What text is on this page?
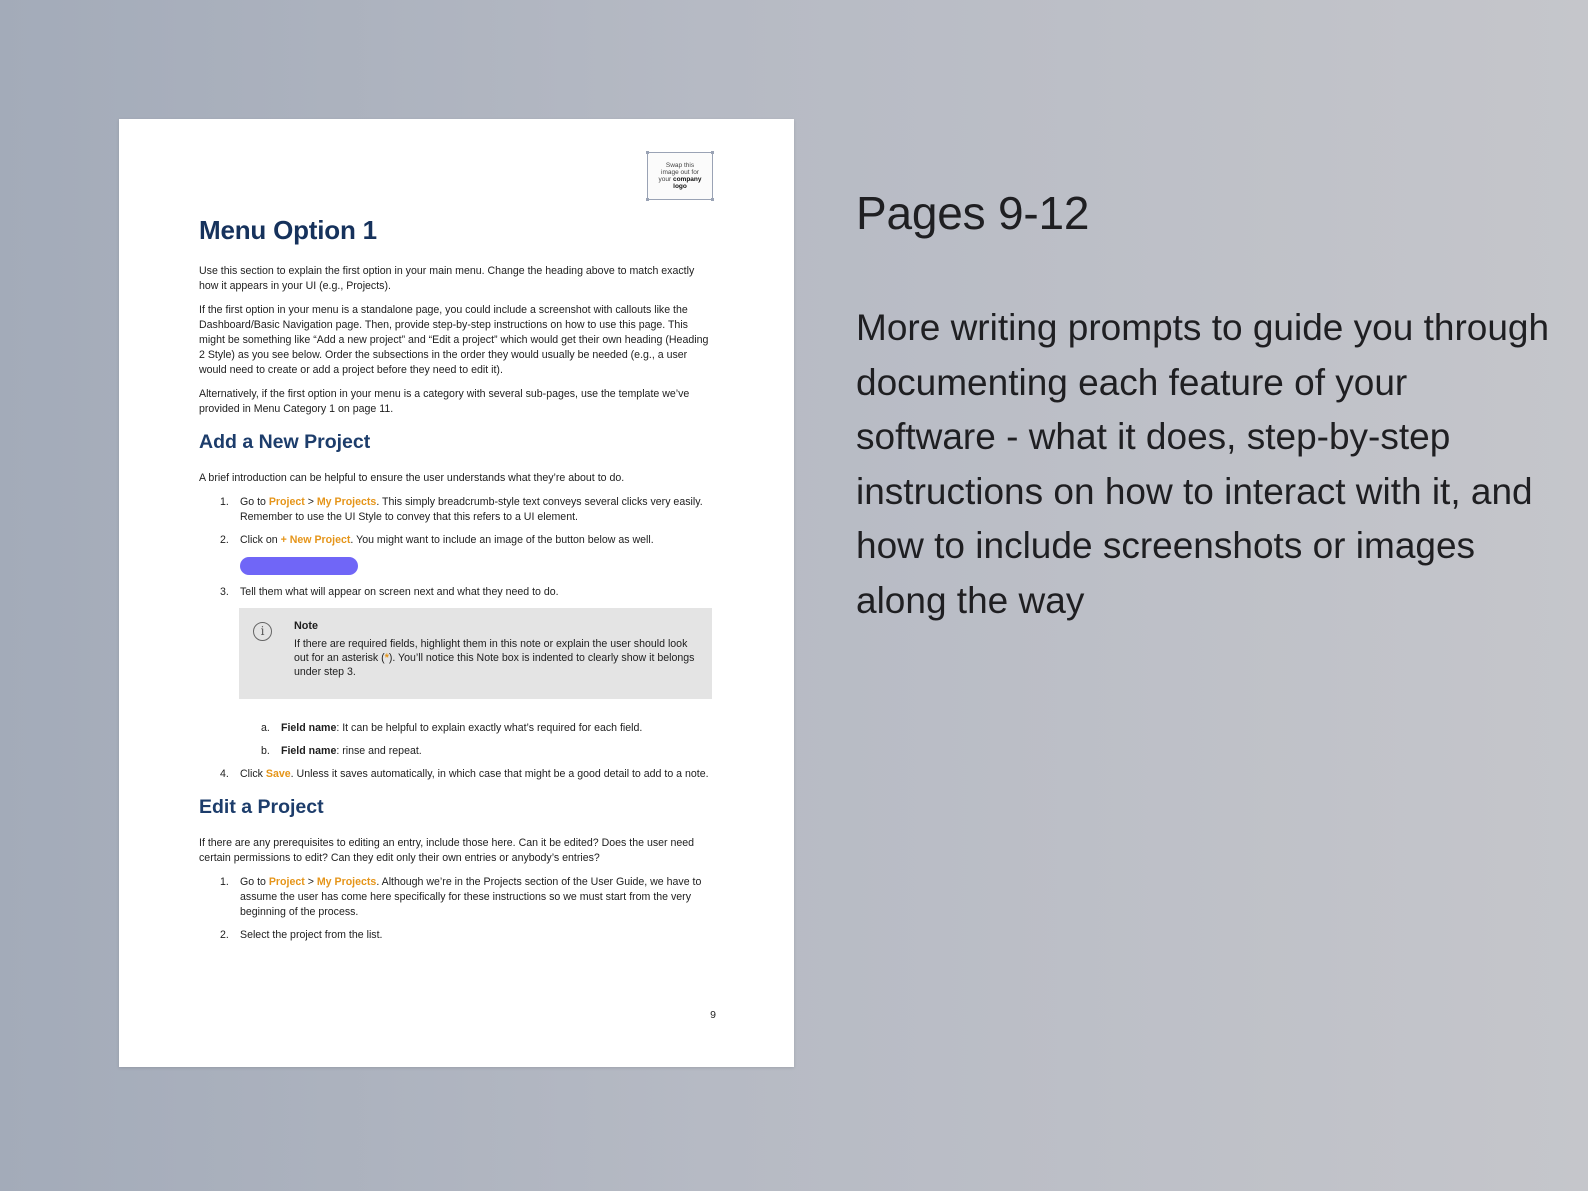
Swap this
image out for
your company
logo
Menu Option 1

Use this section to explain the first option in your main menu. Change the heading above to match exactly how it appears in your UI (e.g., Projects).

If the first option in your menu is a standalone page, you could include a screenshot with callouts like the Dashboard/Basic Navigation page. Then, provide step-by-step instructions on how to use this page. This might be something like “Add a new project” and “Edit a project” which would get their own heading (Heading 2 Style) as you see below. Order the subsections in the order they would usually be needed (e.g., a user would need to create or add a project before they need to edit it).

Alternatively, if the first option in your menu is a category with several sub-pages, use the template we’ve provided in Menu Category 1 on page 11.

Add a New Project

A brief introduction can be helpful to ensure the user understands what they’re about to do.

1. Go to Project > My Projects. This simply breadcrumb-style text conveys several clicks very easily. Remember to use the UI Style to convey that this refers to a UI element.
2. Click on + New Project. You might want to include an image of the button below as well.
3. Tell them what will appear on screen next and what they need to do.
i	Note
If there are required fields, highlight them in this note or explain the user should look out for an asterisk (*). You’ll notice this Note box is indented to clearly show it belongs under step 3.
a. Field name: It can be helpful to explain exactly what’s required for each field.
b. Field name: rinse and repeat.
4. Click Save. Unless it saves automatically, in which case that might be a good detail to add to a note.
Edit a Project

If there are any prerequisites to editing an entry, include those here. Can it be edited? Does the user need certain permissions to edit? Can they edit only their own entries or anybody’s entries?

1. Go to Project > My Projects. Although we’re in the Projects section of the User Guide, we have to assume the user has come here specifically for these instructions so we must start from the very beginning of the process.
2. Select the project from the list.
9
Pages 9-12

More writing prompts to guide you through documenting each feature of your software - what it does, step-by-step instructions on how to interact with it, and how to include screenshots or images along the way
